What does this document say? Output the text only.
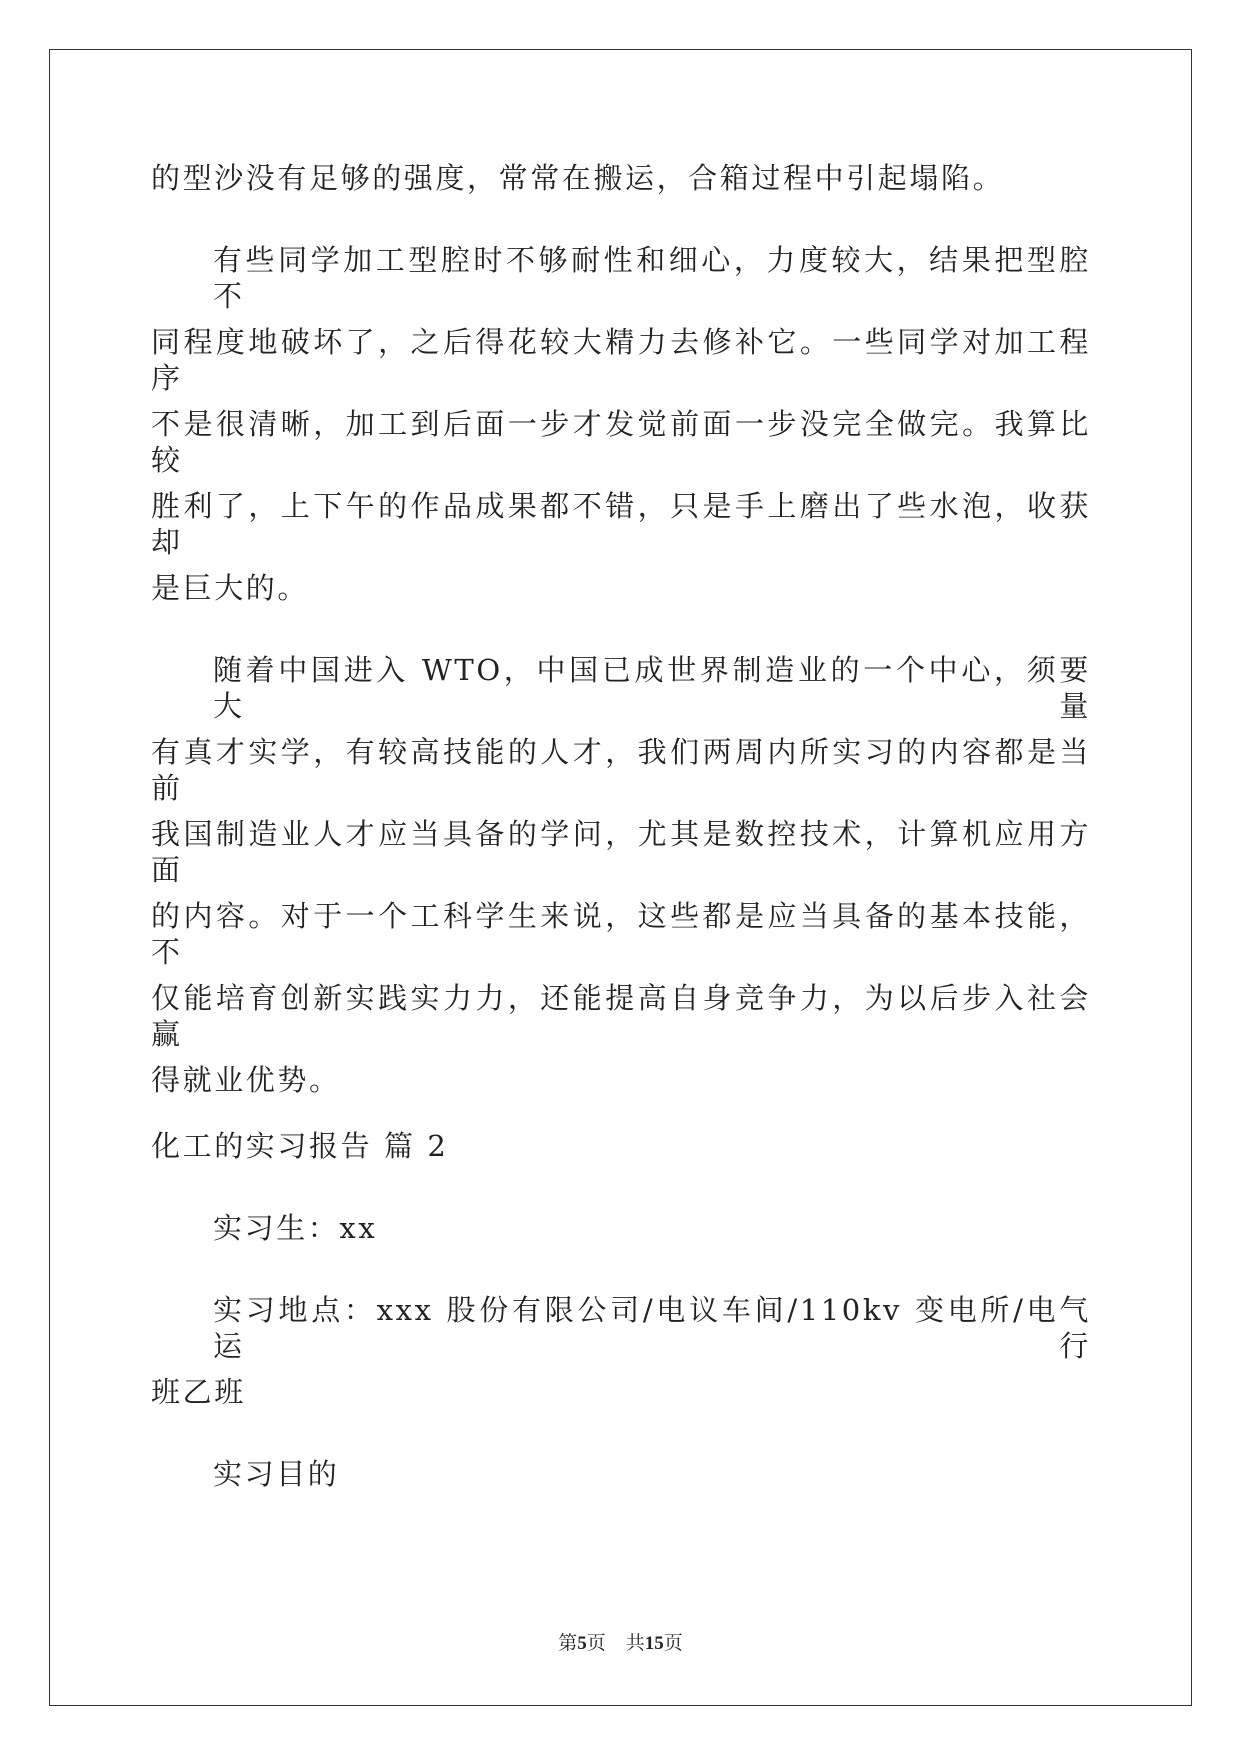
的型沙没有足够的强度，常常在搬运，合箱过程中引起塌陷。
有些同学加工型腔时不够耐性和细心，力度较大，结果把型腔不
同程度地破坏了，之后得花较大精力去修补它。一些同学对加工程序
不是很清晰，加工到后面一步才发觉前面一步没完全做完。我算比较
胜利了，上下午的作品成果都不错，只是手上磨出了些水泡，收获却
是巨大的。
随着中国进入 WTO，中国已成世界制造业的一个中心，须要大量
有真才实学，有较高技能的人才，我们两周内所实习的内容都是当前
我国制造业人才应当具备的学问，尤其是数控技术，计算机应用方面
的内容。对于一个工科学生来说，这些都是应当具备的基本技能，不
仅能培育创新实践实力力，还能提高自身竞争力，为以后步入社会赢
得就业优势。
化工的实习报告 篇 2
实习生：xx
实习地点：xxx 股份有限公司/电议车间/110kv 变电所/电气运行
班乙班
实习目的
第5页 共15页
